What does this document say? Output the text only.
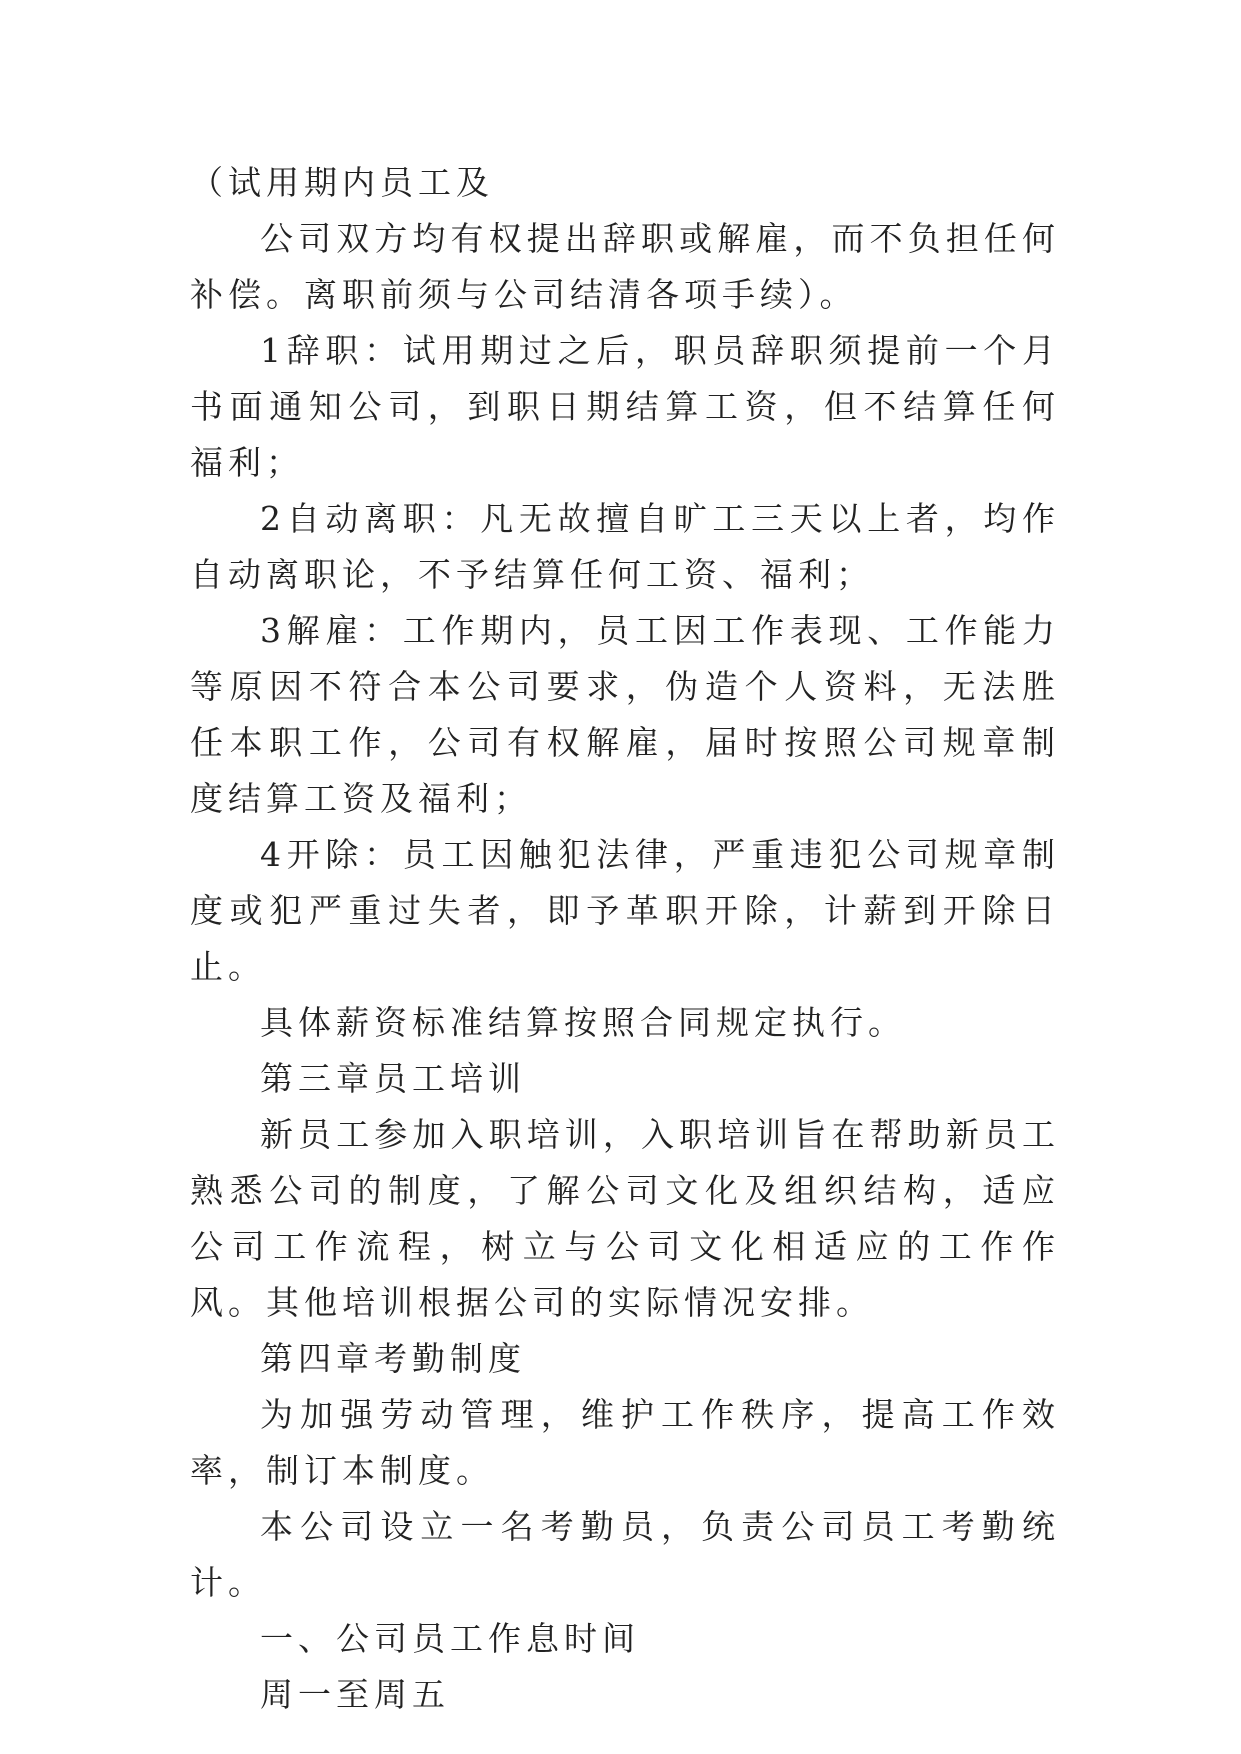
（试用期内员工及

公司双方均有权提出辞职或解雇，而不负担任何补偿。离职前须与公司结清各项手续）。

1辞职：试用期过之后，职员辞职须提前一个月书面通知公司，到职日期结算工资，但不结算任何福利；

2自动离职：凡无故擅自旷工三天以上者，均作自动离职论，不予结算任何工资、福利；

3解雇：工作期内，员工因工作表现、工作能力等原因不符合本公司要求，伪造个人资料，无法胜任本职工作，公司有权解雇，届时按照公司规章制度结算工资及福利；

4开除：员工因触犯法律，严重违犯公司规章制度或犯严重过失者，即予革职开除，计薪到开除日止。

具体薪资标准结算按照合同规定执行。

第三章员工培训

新员工参加入职培训，入职培训旨在帮助新员工熟悉公司的制度，了解公司文化及组织结构，适应公司工作流程，树立与公司文化相适应的工作作风。其他培训根据公司的实际情况安排。

第四章考勤制度

为加强劳动管理，维护工作秩序，提高工作效率，制订本制度。

本公司设立一名考勤员，负责公司员工考勤统计。

一、公司员工作息时间

周一至周五
